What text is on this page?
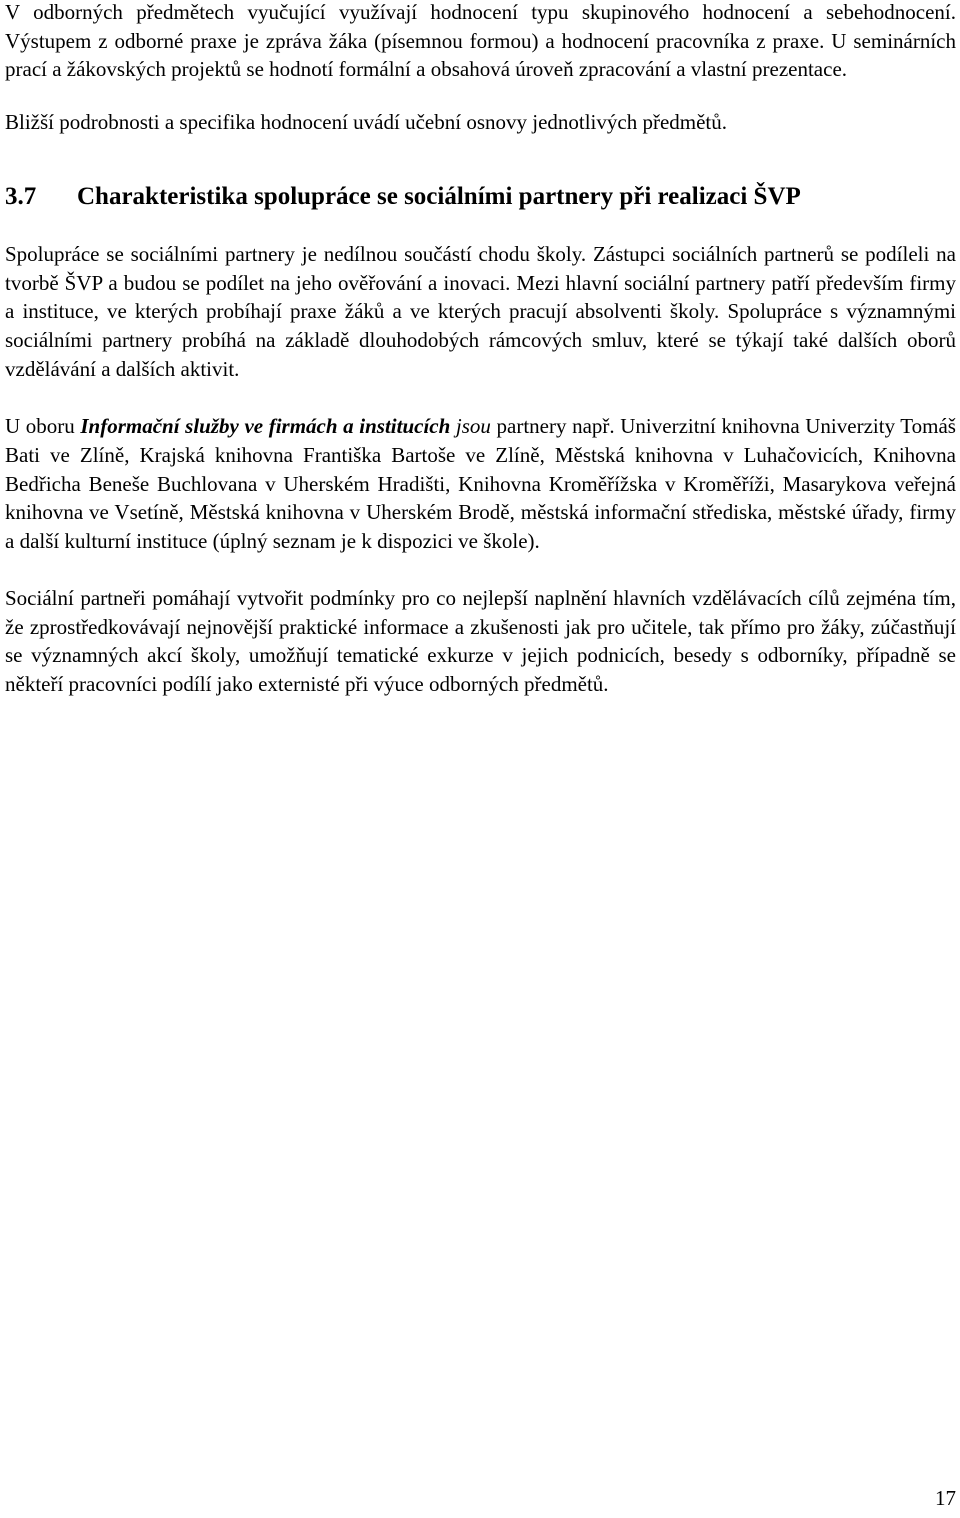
V odborných předmětech vyučující využívají hodnocení typu skupinového hodnocení a sebehodnocení. Výstupem z odborné praxe je zpráva žáka (písemnou formou) a hodnocení pracovníka z praxe. U seminárních prací a žákovských projektů se hodnotí formální a obsahová úroveň zpracování a vlastní prezentace.

Bližší podrobnosti a specifika hodnocení uvádí učební osnovy jednotlivých předmětů.

3.7	Charakteristika spolupráce se sociálními partnery při realizaci ŠVP

Spolupráce se sociálními partnery je nedílnou součástí chodu školy. Zástupci sociálních partnerů se podíleli na tvorbě ŠVP a budou se podílet na jeho ověřování a inovaci. Mezi hlavní sociální partnery patří především firmy a instituce, ve kterých probíhají praxe žáků a ve kterých pracují absolventi školy. Spolupráce s významnými sociálními partnery probíhá na základě dlouhodobých rámcových smluv, které se týkají také dalších oborů vzdělávání a dalších aktivit.

U oboru Informační služby ve firmách a institucích jsou partnery např. Univerzitní knihovna Univerzity Tomáš Bati ve Zlíně, Krajská knihovna Františka Bartoše ve Zlíně, Městská knihovna v Luhačovicích, Knihovna Bedřicha Beneše Buchlovana v Uherském Hradišti, Knihovna Kroměřížska v Kroměříži, Masarykova veřejná knihovna ve Vsetíně, Městská knihovna v Uherském Brodě, městská informační střediska, městské úřady, firmy a další kulturní instituce (úplný seznam je k dispozici ve škole).

Sociální partneři pomáhají vytvořit podmínky pro co nejlepší naplnění hlavních vzdělávacích cílů zejména tím, že zprostředkovávají nejnovější praktické informace a zkušenosti jak pro učitele, tak přímo pro žáky, zúčastňují se významných akcí školy, umožňují tematické exkurze v jejich podnicích, besedy s odborníky, případně se někteří pracovníci podílí jako externisté při výuce odborných předmětů.

17
